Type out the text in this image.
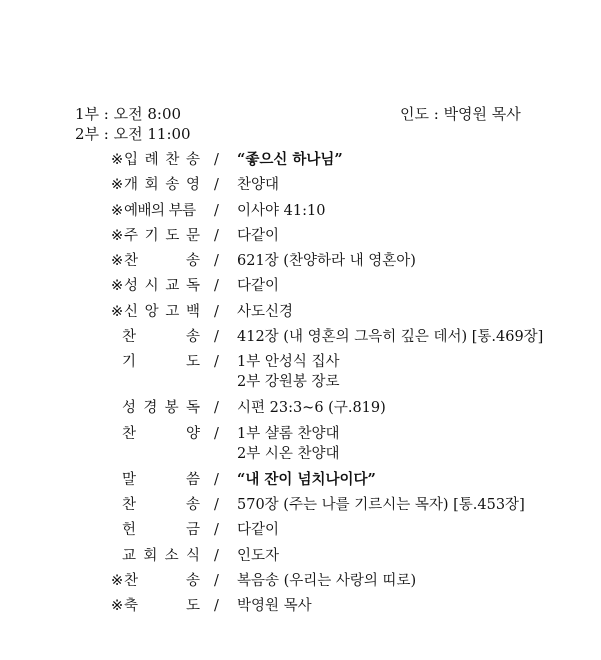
1부 : 오전 8:00
2부 : 오전 11:00
인도 : 박영원 목사
※ 입 례 찬 송 / “좋으신 하나님”
※ 개 회 송 영 / 찬양대
※ 예배의 부름 / 이사야 41:10
※ 주 기 도 문 / 다같이
※ 찬	송 / 621장 (찬양하라 내 영혼아)
※ 성 시 교 독 / 다같이
※ 신 앙 고 백 / 사도신경
찬	송 / 412장 (내 영혼의 그윽히 깊은 데서) [통.469장]
기	도 / 1부 안성식 집사
2부 강원봉 장로
성 경 봉 독 / 시편 23:3~6 (구.819)
찬	양 / 1부 샬롬 찬양대
2부 시온 찬양대
말	씀 / “내 잔이 넘치나이다”
찬	송 / 570장 (주는 나를 기르시는 목자) [통.453장]
헌	금 / 다같이
교 회 소 식 / 인도자
※ 찬	송 / 복음송 (우리는 사랑의 띠로)
※ 축	도 / 박영원 목사
